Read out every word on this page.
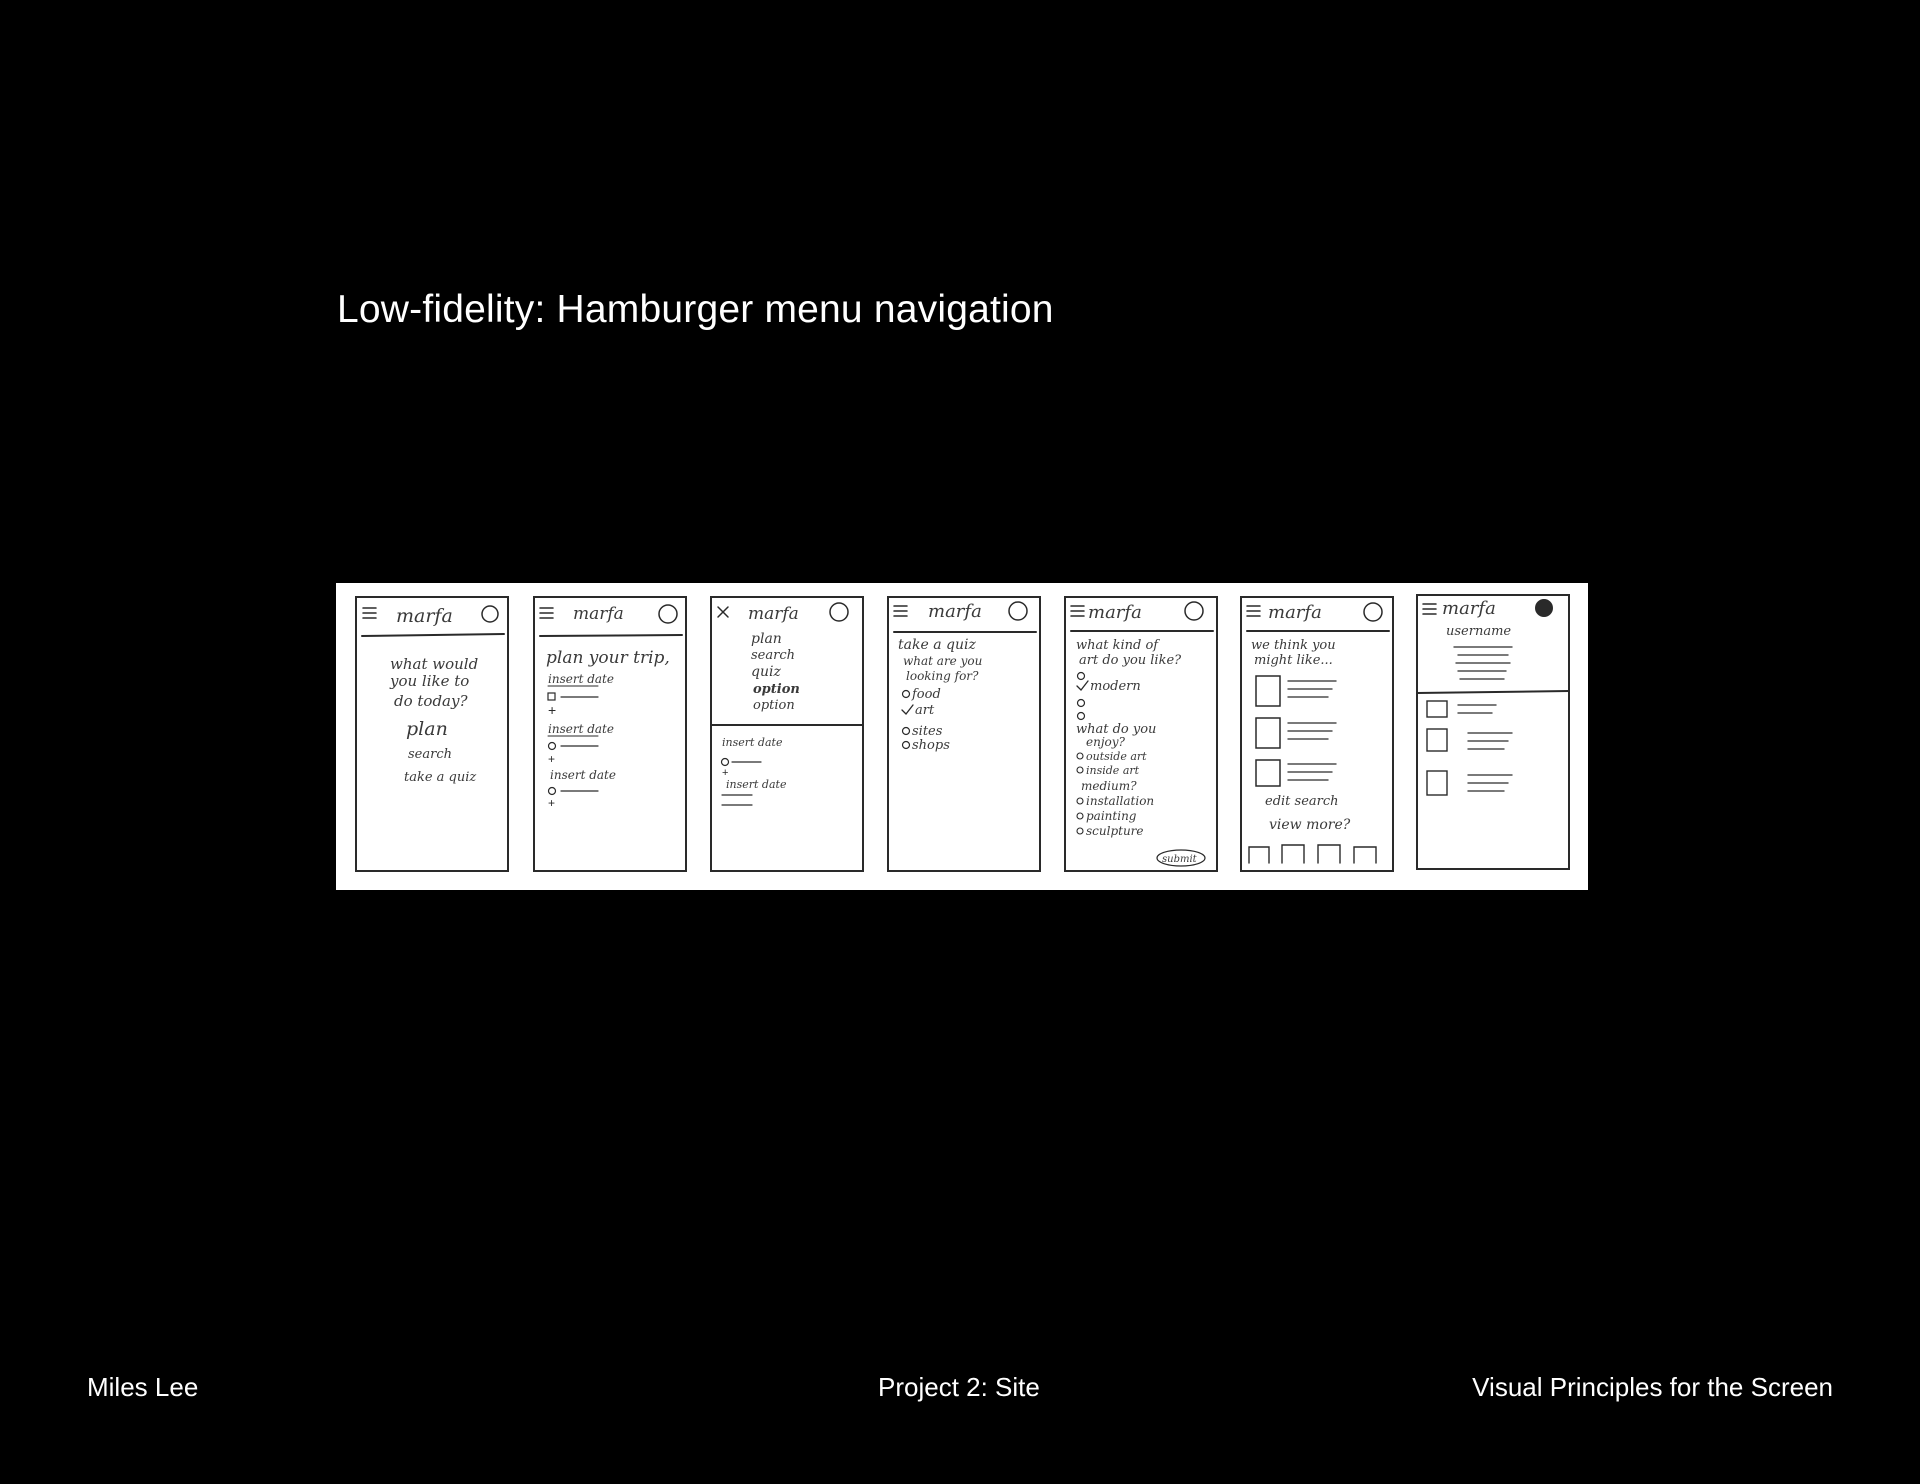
Low-fidelity: Hamburger menu navigation
marfa
what would
you like to
do today?
plan
search
take a quiz
marfa
plan your trip,
insert date
+
insert date
+
insert date
+
marfa
plan
search
quiz
option
option
insert date
+
insert date
marfa
take a quiz
what are you
looking for?
food
art
sites
shops
marfa
what kind of
art do you like?
modern
what do you
enjoy?
outside art
inside art
medium?
installation
painting
sculpture
submit
marfa
we think you
might like...
edit search
view more?
marfa
username
Miles Lee	Project 2: Site	Visual Principles for the Screen
